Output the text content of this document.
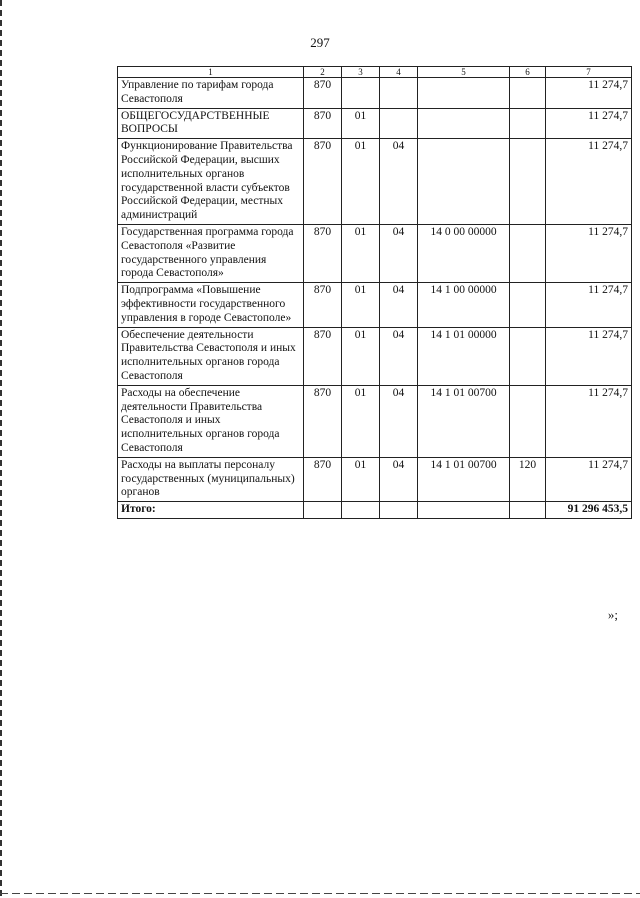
297
1	2	3	4	5	6	7
Управление по тарифам города Севастополя	870					11 274,7
ОБЩЕГОСУДАРСТВЕННЫЕ ВОПРОСЫ	870	01				11 274,7
Функционирование Правительства Российской Федерации, высших исполнительных органов государственной власти субъектов Российской Федерации, местных администраций	870	01	04			11 274,7
Государственная программа города Севастополя «Развитие государственного управления города Севастополя»	870	01	04	14 0 00 00000		11 274,7
Подпрограмма «Повышение эффективности государственного управления в городе Севастополе»	870	01	04	14 1 00 00000		11 274,7
Обеспечение деятельности Правительства Севастополя и иных исполнительных органов города Севастополя	870	01	04	14 1 01 00000		11 274,7
Расходы на обеспечение деятельности Правительства Севастополя и иных исполнительных органов города Севастополя	870	01	04	14 1 01 00700		11 274,7
Расходы на выплаты персоналу государственных (муниципальных) органов	870	01	04	14 1 01 00700	120	11 274,7
Итого:						91 296 453,5
»;
